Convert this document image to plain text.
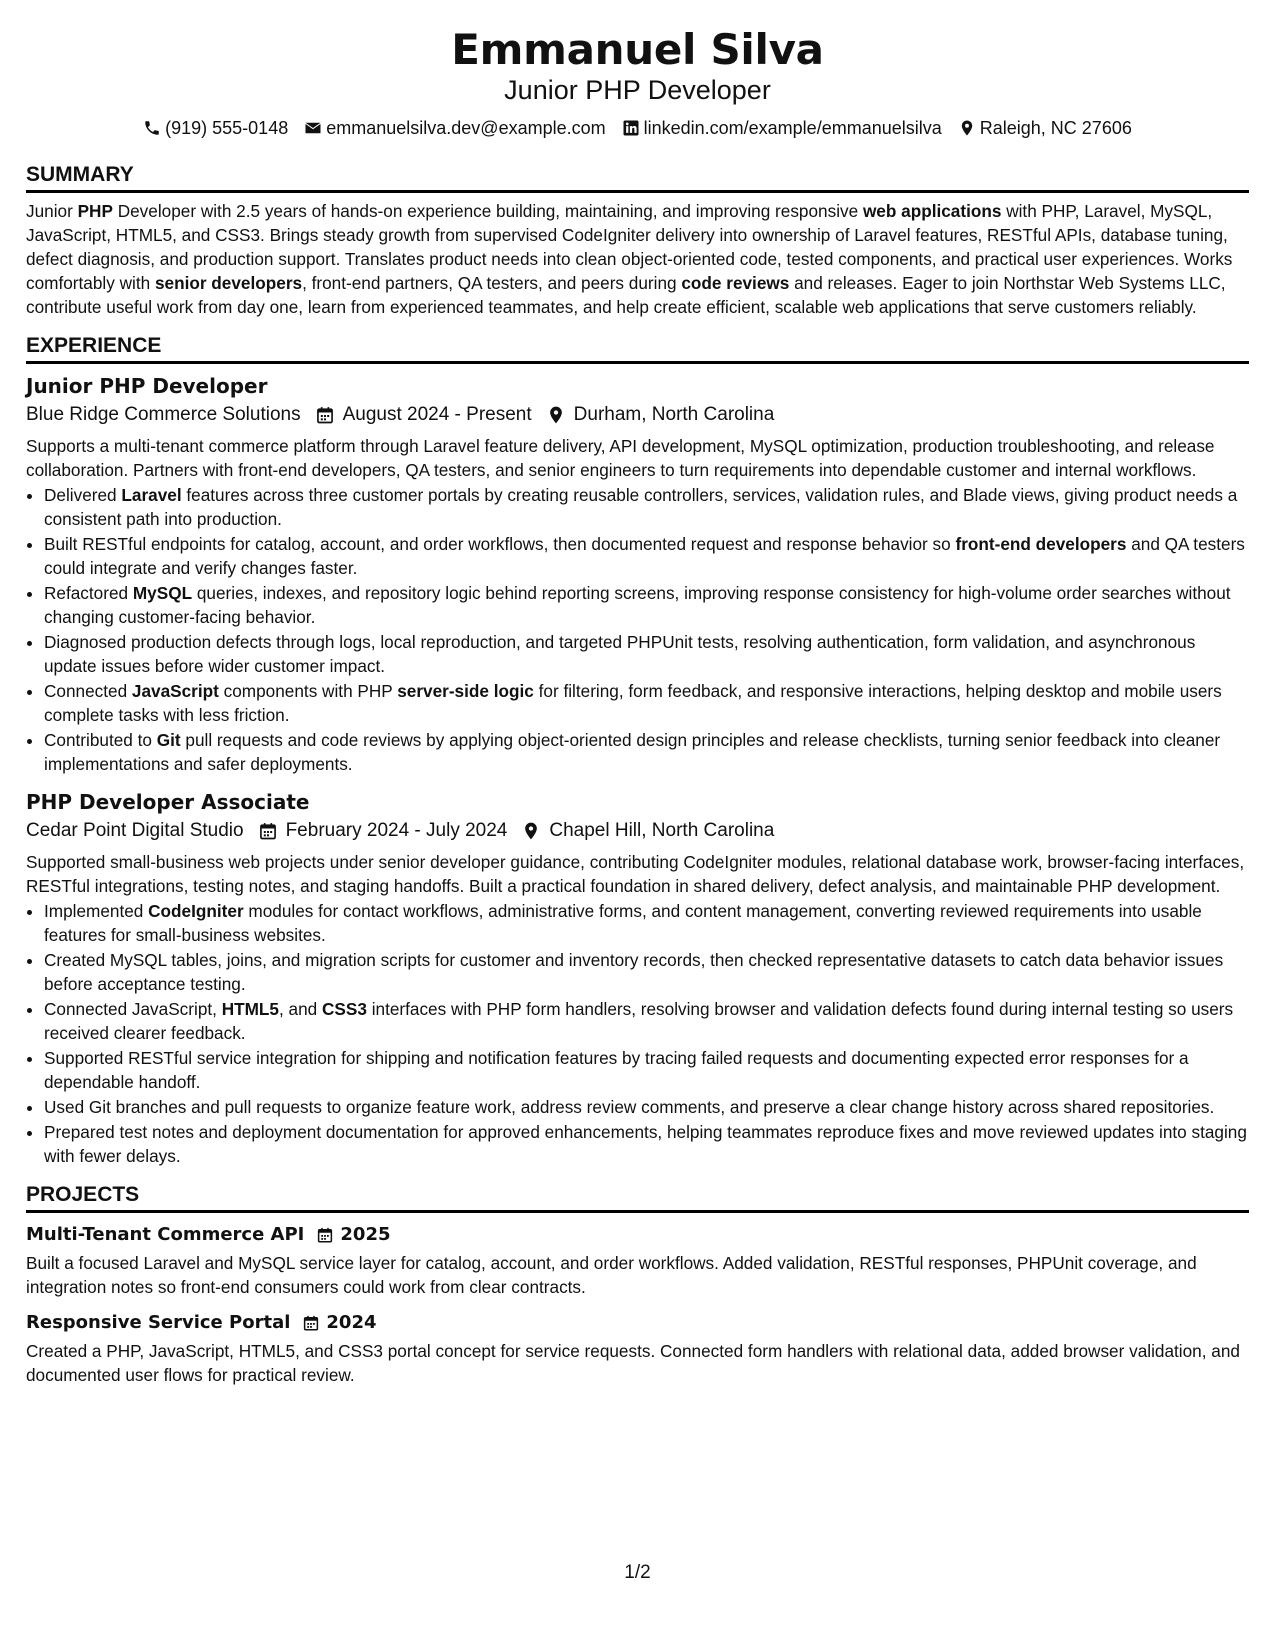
Emmanuel Silva
Junior PHP Developer
(919) 555-0148 emmanuelsilva.dev@example.com linkedin.com/example/emmanuelsilva Raleigh, NC 27606
SUMMARY

Junior PHP Developer with 2.5 years of hands-on experience building, maintaining, and improving responsive web applications with PHP, Laravel, MySQL, JavaScript, HTML5, and CSS3. Brings steady growth from supervised CodeIgniter delivery into ownership of Laravel features, RESTful APIs, database tuning, defect diagnosis, and production support. Translates product needs into clean object-oriented code, tested components, and practical user experiences. Works comfortably with senior developers, front-end partners, QA testers, and peers during code reviews and releases. Eager to join Northstar Web Systems LLC, contribute useful work from day one, learn from experienced teammates, and help create efficient, scalable web applications that serve customers reliably.

EXPERIENCE
Junior PHP Developer
Blue Ridge Commerce Solutions August 2024 - Present Durham, North Carolina

Supports a multi-tenant commerce platform through Laravel feature delivery, API development, MySQL optimization, production troubleshooting, and release collaboration. Partners with front-end developers, QA testers, and senior engineers to turn requirements into dependable customer and internal workflows.

• Delivered Laravel features across three customer portals by creating reusable controllers, services, validation rules, and Blade views, giving product needs a consistent path into production.
• Built RESTful endpoints for catalog, account, and order workflows, then documented request and response behavior so front-end developers and QA testers could integrate and verify changes faster.
• Refactored MySQL queries, indexes, and repository logic behind reporting screens, improving response consistency for high-volume order searches without changing customer-facing behavior.
• Diagnosed production defects through logs, local reproduction, and targeted PHPUnit tests, resolving authentication, form validation, and asynchronous update issues before wider customer impact.
• Connected JavaScript components with PHP server-side logic for filtering, form feedback, and responsive interactions, helping desktop and mobile users complete tasks with less friction.
• Contributed to Git pull requests and code reviews by applying object-oriented design principles and release checklists, turning senior feedback into cleaner implementations and safer deployments.
PHP Developer Associate
Cedar Point Digital Studio February 2024 - July 2024 Chapel Hill, North Carolina

Supported small-business web projects under senior developer guidance, contributing CodeIgniter modules, relational database work, browser-facing interfaces, RESTful integrations, testing notes, and staging handoffs. Built a practical foundation in shared delivery, defect analysis, and maintainable PHP development.

• Implemented CodeIgniter modules for contact workflows, administrative forms, and content management, converting reviewed requirements into usable features for small-business websites.
• Created MySQL tables, joins, and migration scripts for customer and inventory records, then checked representative datasets to catch data behavior issues before acceptance testing.
• Connected JavaScript, HTML5, and CSS3 interfaces with PHP form handlers, resolving browser and validation defects found during internal testing so users received clearer feedback.
• Supported RESTful service integration for shipping and notification features by tracing failed requests and documenting expected error responses for a dependable handoff.
• Used Git branches and pull requests to organize feature work, address review comments, and preserve a clear change history across shared repositories.
• Prepared test notes and deployment documentation for approved enhancements, helping teammates reproduce fixes and move reviewed updates into staging with fewer delays.
PROJECTS
Multi-Tenant Commerce API 2025

Built a focused Laravel and MySQL service layer for catalog, account, and order workflows. Added validation, RESTful responses, PHPUnit coverage, and integration notes so front-end consumers could work from clear contracts.

Responsive Service Portal 2024

Created a PHP, JavaScript, HTML5, and CSS3 portal concept for service requests. Connected form handlers with relational data, added browser validation, and documented user flows for practical review.

1/2
